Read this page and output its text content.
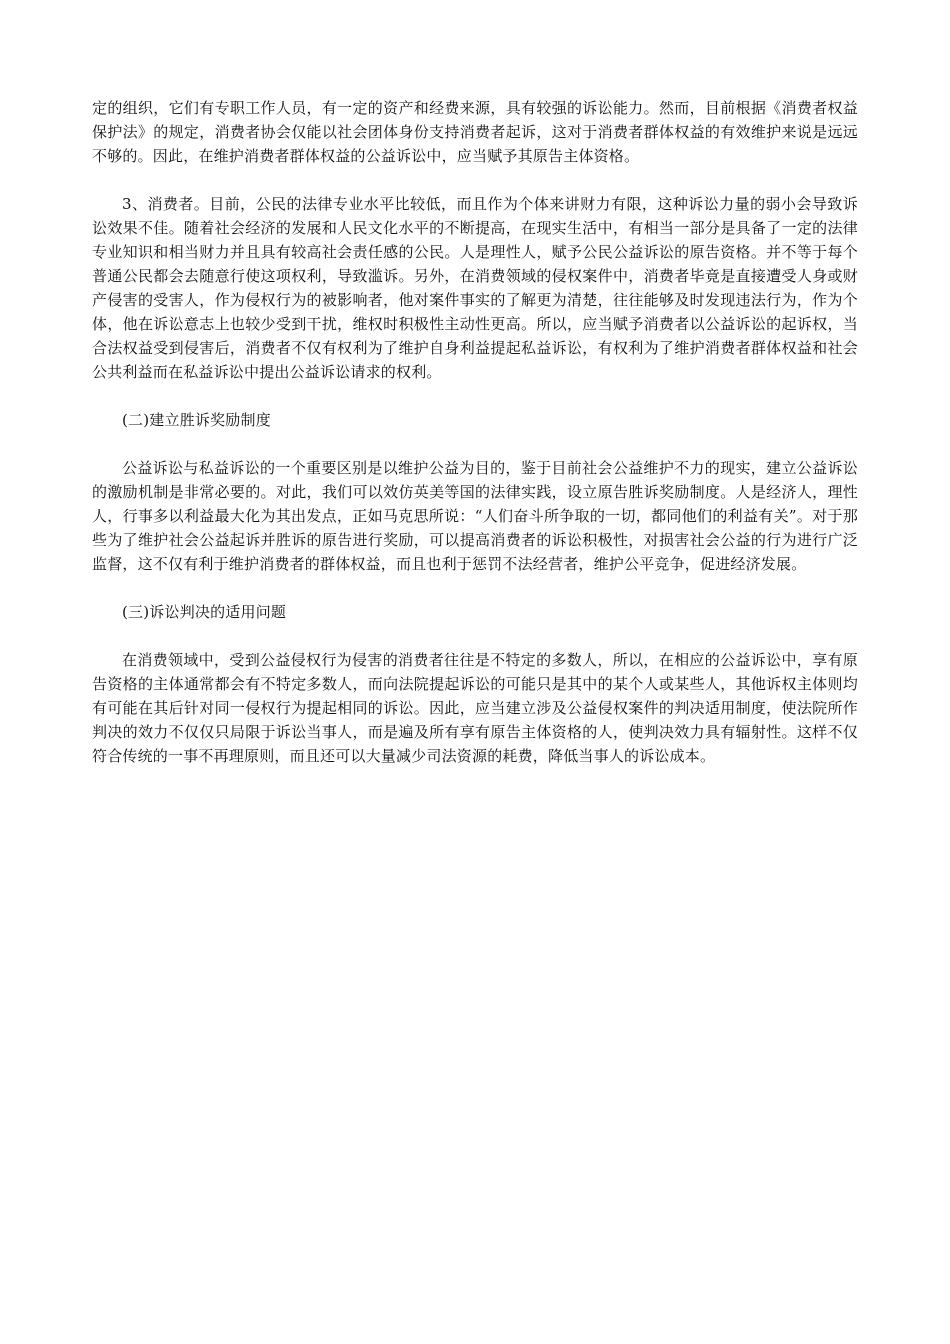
定的组织，它们有专职工作人员，有一定的资产和经费来源，具有较强的诉讼能力。然而，目前根据《消费者权益保护法》的规定，消费者协会仅能以社会团体身份支持消费者起诉，这对于消费者群体权益的有效维护来说是远远不够的。因此，在维护消费者群体权益的公益诉讼中，应当赋予其原告主体资格。

3、消费者。目前，公民的法律专业水平比较低，而且作为个体来讲财力有限，这种诉讼力量的弱小会导致诉讼效果不佳。随着社会经济的发展和人民文化水平的不断提高，在现实生活中，有相当一部分是具备了一定的法律专业知识和相当财力并且具有较高社会责任感的公民。人是理性人，赋予公民公益诉讼的原告资格。并不等于每个普通公民都会去随意行使这项权利，导致滥诉。另外，在消费领域的侵权案件中，消费者毕竟是直接遭受人身或财产侵害的受害人，作为侵权行为的被影响者，他对案件事实的了解更为清楚，往往能够及时发现违法行为，作为个体，他在诉讼意志上也较少受到干扰，维权时积极性主动性更高。所以，应当赋予消费者以公益诉讼的起诉权，当合法权益受到侵害后，消费者不仅有权利为了维护自身利益提起私益诉讼，有权利为了维护消费者群体权益和社会公共利益而在私益诉讼中提出公益诉讼请求的权利。

(二)建立胜诉奖励制度

公益诉讼与私益诉讼的一个重要区别是以维护公益为目的，鉴于目前社会公益维护不力的现实，建立公益诉讼的激励机制是非常必要的。对此，我们可以效仿英美等国的法律实践，设立原告胜诉奖励制度。人是经济人，理性人，行事多以利益最大化为其出发点，正如马克思所说：“人们奋斗所争取的一切，都同他们的利益有关”。对于那些为了维护社会公益起诉并胜诉的原告进行奖励，可以提高消费者的诉讼积极性，对损害社会公益的行为进行广泛监督，这不仅有利于维护消费者的群体权益，而且也利于惩罚不法经营者，维护公平竞争，促进经济发展。

(三)诉讼判决的适用问题

在消费领域中，受到公益侵权行为侵害的消费者往往是不特定的多数人，所以，在相应的公益诉讼中，享有原告资格的主体通常都会有不特定多数人，而向法院提起诉讼的可能只是其中的某个人或某些人，其他诉权主体则均有可能在其后针对同一侵权行为提起相同的诉讼。因此，应当建立涉及公益侵权案件的判决适用制度，使法院所作判决的效力不仅仅只局限于诉讼当事人，而是遍及所有享有原告主体资格的人，使判决效力具有辐射性。这样不仅符合传统的一事不再理原则，而且还可以大量减少司法资源的耗费，降低当事人的诉讼成本。
